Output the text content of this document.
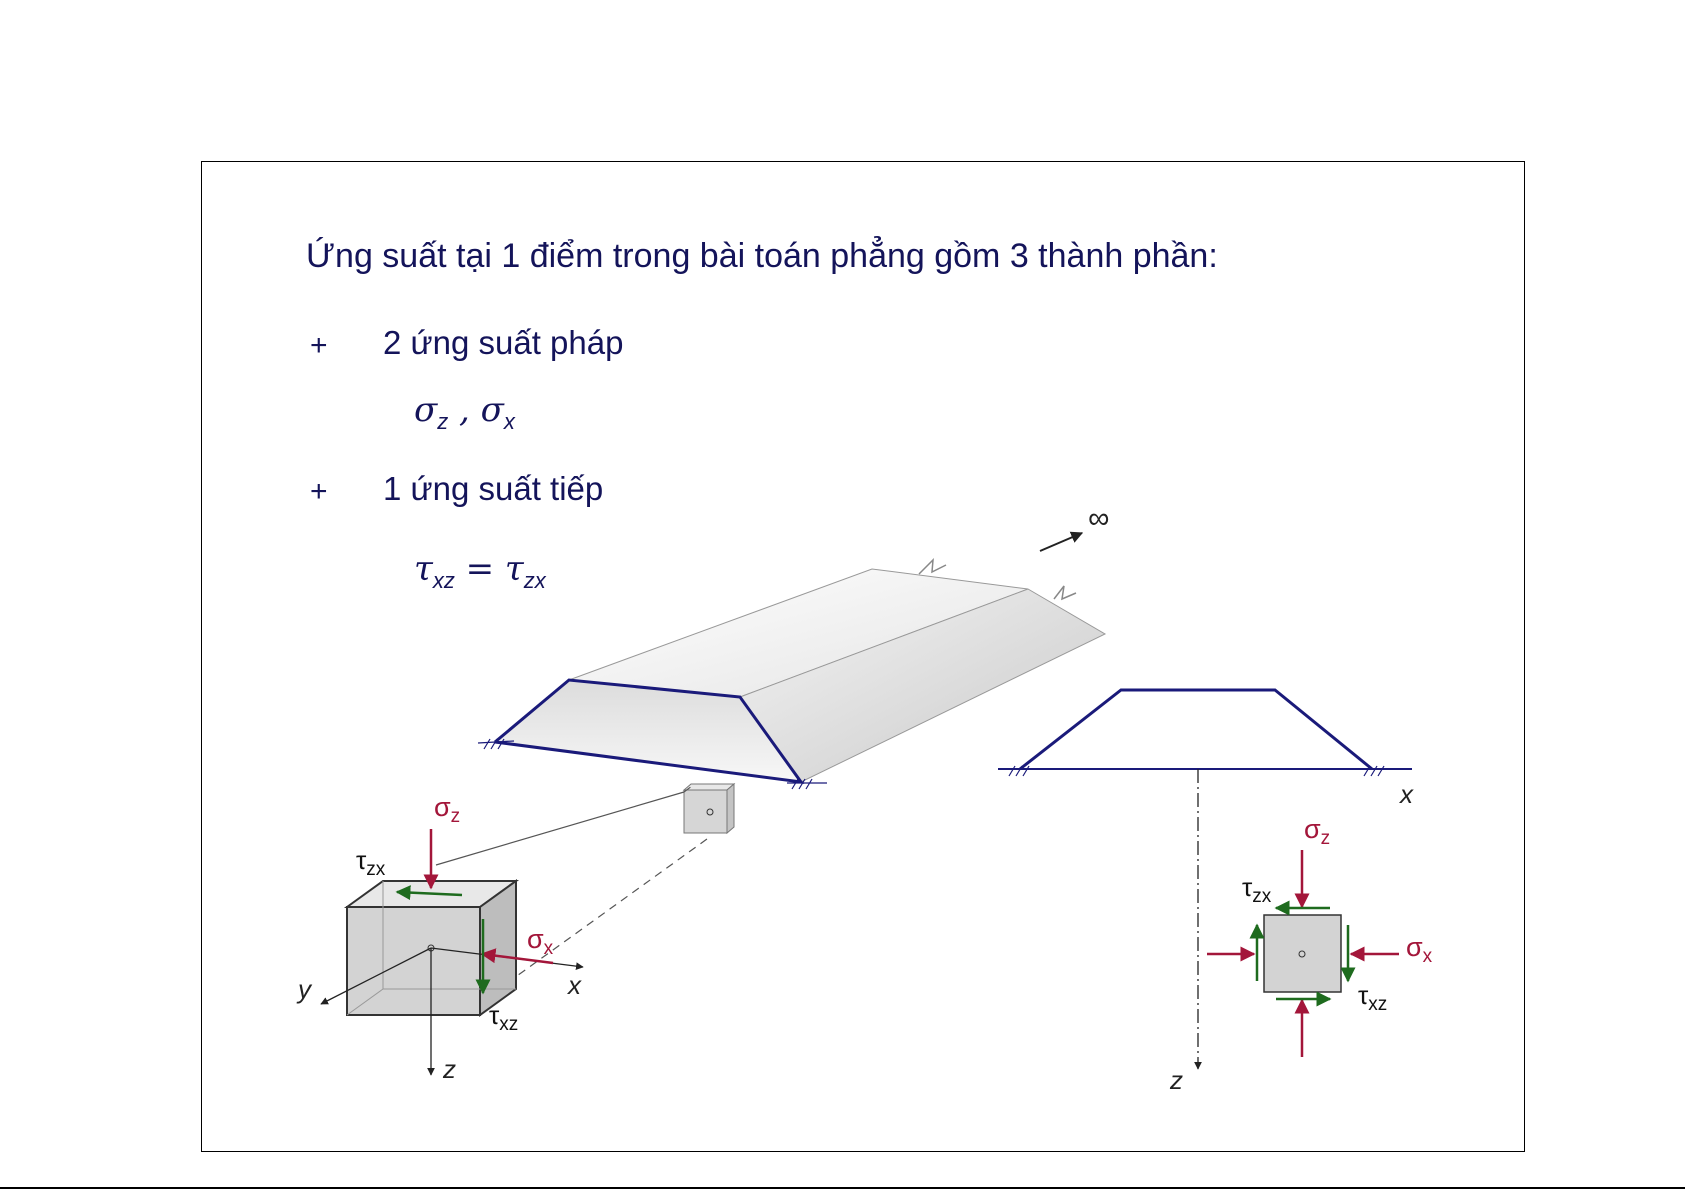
Ứng suất tại 1 điểm trong bài toán phẳng gồm 3 thành phần:
+ 2 ứng suất pháp
$\sigma_z$ , $\sigma_x$
+ 1 ứng suất tiếp
$\tau_{xz} = \tau_{zx}$
∞
x
y
z
σz
σx
τzx
τxz
x
z
σz
σx
τzx
τxz
